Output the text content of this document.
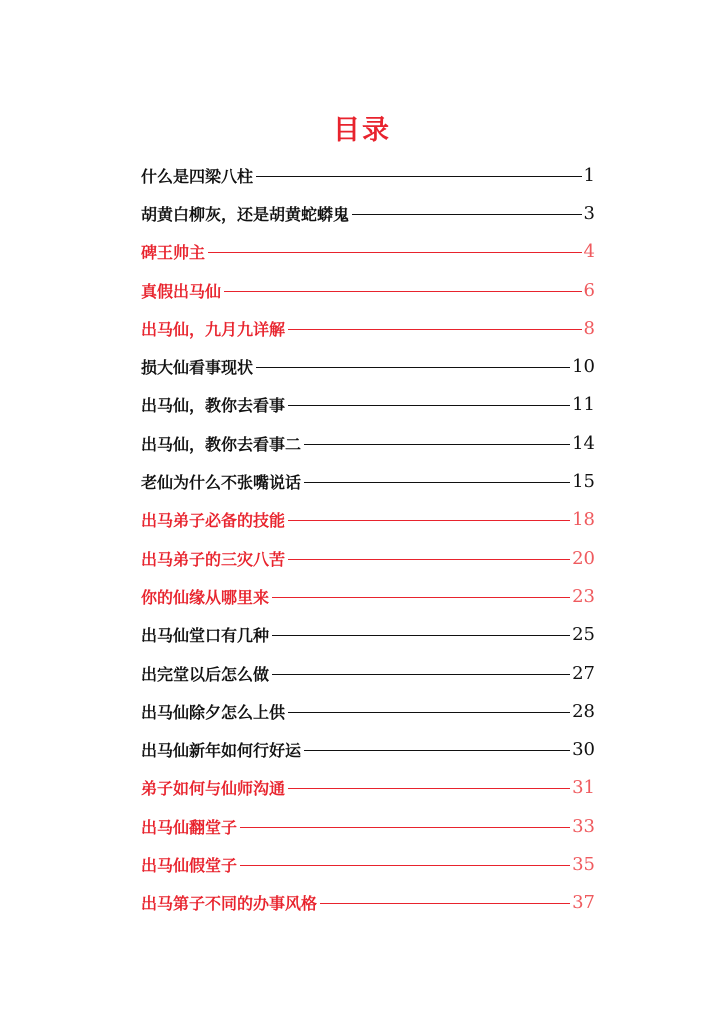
目录
什么是四梁八柱	1
胡黄白柳灰，还是胡黄蛇蟒鬼	3
碑王帅主	4
真假出马仙	6
出马仙，九月九详解	8
损大仙看事现状	10
出马仙，教你去看事	11
出马仙，教你去看事二	14
老仙为什么不张嘴说话	15
出马弟子必备的技能	18
出马弟子的三灾八苦	20
你的仙缘从哪里来	23
出马仙堂口有几种	25
出完堂以后怎么做	27
出马仙除夕怎么上供	28
出马仙新年如何行好运	30
弟子如何与仙师沟通	31
出马仙翻堂子	33
出马仙假堂子	35
出马第子不同的办事风格	37
